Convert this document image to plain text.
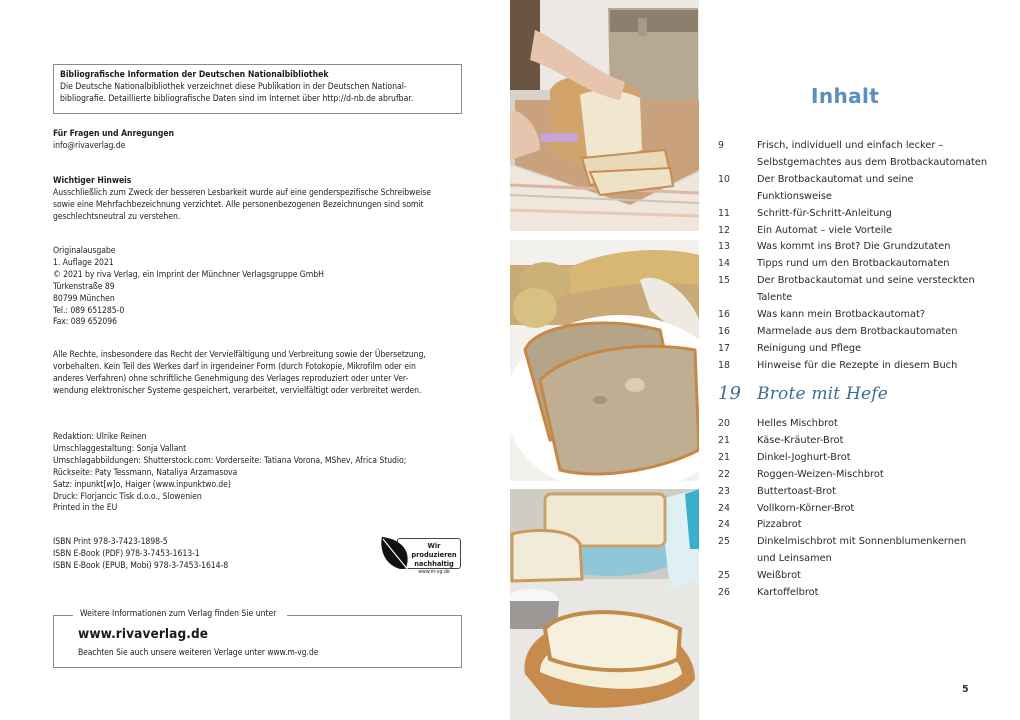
Bibliografische Information der Deutschen Nationalbibliothek
Die Deutsche Nationalbibliothek verzeichnet diese Publikation in der Deutschen National-
bibliografie. Detaillierte bibliografische Daten sind im Internet über http://d-nb.de abrufbar.
Für Fragen und Anregungen
info@rivaverlag.de
Wichtiger Hinweis
Ausschließlich zum Zweck der besseren Lesbarkeit wurde auf eine genderspezifische Schreibweise
sowie eine Mehrfachbezeichnung verzichtet. Alle personenbezogenen Bezeichnungen sind somit
geschlechtsneutral zu verstehen.
Originalausgabe
1. Auflage 2021
© 2021 by riva Verlag, ein Imprint der Münchner Verlagsgruppe GmbH
Türkenstraße 89
80799 München
Tel.: 089 651285-0
Fax: 089 652096
Alle Rechte, insbesondere das Recht der Vervielfältigung und Verbreitung sowie der Übersetzung,
vorbehalten. Kein Teil des Werkes darf in irgendeiner Form (durch Fotokopie, Mikrofilm oder ein
anderes Verfahren) ohne schriftliche Genehmigung des Verlages reproduziert oder unter Ver-
wendung elektronischer Systeme gespeichert, verarbeitet, vervielfältigt oder verbreitet werden.
Redaktion: Ulrike Reinen
Umschlaggestaltung: Sonja Vallant
Umschlagabbildungen: Shutterstock.com: Vorderseite: Tatiana Vorona, MShev, Africa Studio;
Rückseite: Paty Tessmann, Nataliya Arzamasova
Satz: inpunkt[w]o, Haiger (www.inpunktwo.de)
Druck: Florjancic Tisk d.o.o., Slowenien
Printed in the EU
ISBN Print 978-3-7423-1898-5
ISBN E-Book (PDF) 978-3-7453-1613-1
ISBN E-Book (EPUB, Mobi) 978-3-7453-1614-8
Wir produzieren
nachhaltig
www.m-vg.de
Weitere Informationen zum Verlag finden Sie unter
www.rivaverlag.de
Beachten Sie auch unsere weiteren Verlage unter www.m-vg.de
Inhalt
9	Frisch, individuell und einfach lecker –
Selbstgemachtes aus dem Brotbackautomaten
10	Der Brotbackautomat und seine Funktionsweise
11	Schritt-für-Schritt-Anleitung
12	Ein Automat – viele Vorteile
13	Was kommt ins Brot? Die Grundzutaten
14	Tipps rund um den Brotbackautomaten
15	Der Brotbackautomat und seine versteckten
Talente
16	Was kann mein Brotbackautomat?
16	Marmelade aus dem Brotbackautomaten
17	Reinigung und Pflege
18	Hinweise für die Rezepte in diesem Buch
19 Brote mit Hefe
20	Helles Mischbrot
21	Käse-Kräuter-Brot
21	Dinkel-Joghurt-Brot
22	Roggen-Weizen-Mischbrot
23	Buttertoast-Brot
24	Vollkorn-Körner-Brot
24	Pizzabrot
25	Dinkelmischbrot mit Sonnenblumenkernen
und Leinsamen
25	Weißbrot
26	Kartoffelbrot
5
